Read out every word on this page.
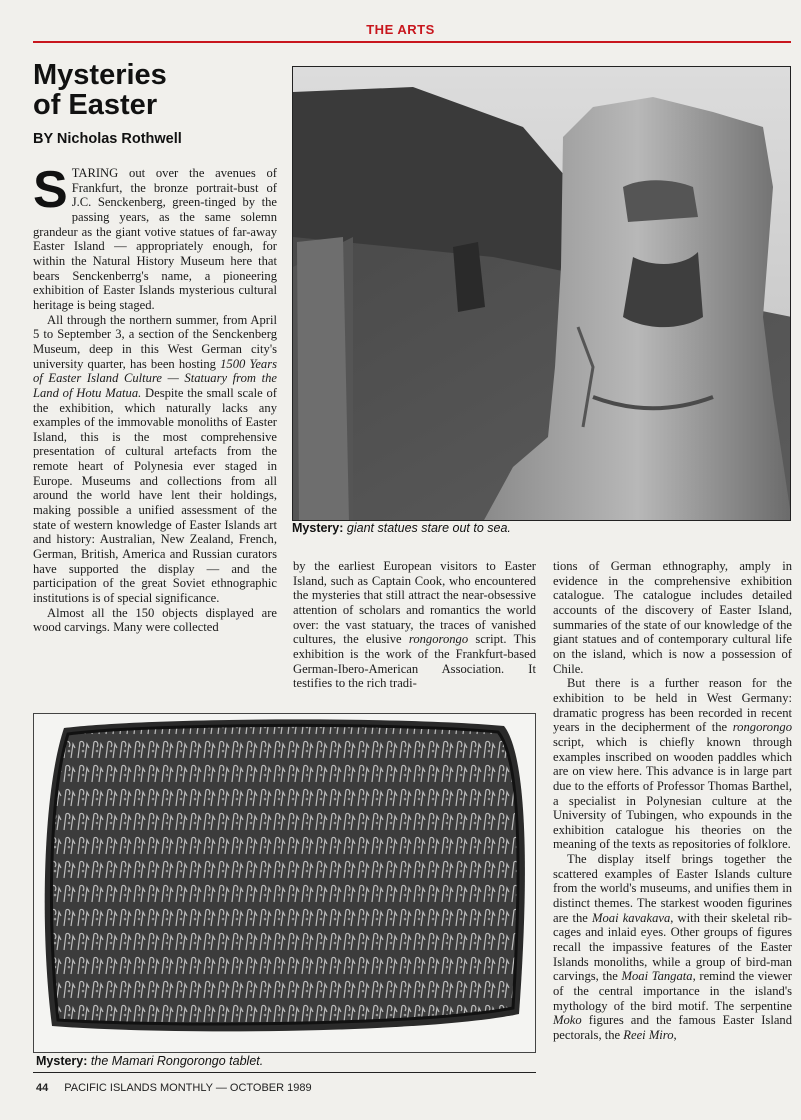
THE ARTS
Mysteries
of Easter
BY Nicholas Rothwell

STARING out over the avenues of Frankfurt, the bronze portrait-bust of J.C. Senckenberg, green-tinged by the passing years, as the same solemn grandeur as the giant votive statues of far-away Easter Island — appropriately enough, for within the Natural History Museum here that bears Senckenberrg's name, a pioneering exhibition of Easter Islands mysterious cultural heritage is being staged.

All through the northern summer, from April 5 to September 3, a section of the Senckenberg Museum, deep in this West German city's university quarter, has been hosting 1500 Years of Easter Island Culture — Statuary from the Land of Hotu Matua. Despite the small scale of the exhibition, which naturally lacks any examples of the immovable monoliths of Easter Island, this is the most comprehensive presentation of cultural artefacts from the remote heart of Polynesia ever staged in Europe. Museums and collections from all around the world have lent their holdings, making possible a unified assessment of the state of western knowledge of Easter Islands art and history: Australian, New Zealand, French, German, British, America and Russian curators have supported the display — and the participation of the great Soviet ethnographic institutions is of special significance.

Almost all the 150 objects displayed are wood carvings. Many were collected

Mystery: giant statues stare out to sea.

by the earliest European visitors to Easter Island, such as Captain Cook, who encountered the mysteries that still attract the near-obsessive attention of scholars and romantics the world over: the vast statuary, the traces of vanished cultures, the elusive rongorongo script. This exhibition is the work of the Frankfurt-based German-Ibero-American Association. It testifies to the rich tradi-

tions of German ethnography, amply in evidence in the comprehensive exhibition catalogue. The catalogue includes detailed accounts of the discovery of Easter Island, summaries of the state of our knowledge of the giant statues and of contemporary cultural life on the island, which is now a possession of Chile.

But there is a further reason for the exhibition to be held in West Germany: dramatic progress has been recorded in recent years in the decipherment of the rongorongo script, which is chiefly known through examples inscribed on wooden paddles which are on view here. This advance is in large part due to the efforts of Professor Thomas Barthel, a specialist in Polynesian culture at the University of Tubingen, who expounds in the exhibition catalogue his theories on the meaning of the texts as repositories of folklore.

The display itself brings together the scattered examples of Easter Islands culture from the world's museums, and unifies them in distinct themes. The starkest wooden figurines are the Moai kavakava, with their skeletal rib-cages and inlaid eyes. Other groups of figures recall the impassive features of the Easter Islands monoliths, while a group of bird-man carvings, the Moai Tangata, remind the viewer of the central importance in the island's mythology of the bird motif. The serpentine Moko figures and the famous Easter Island pectorals, the Reei Miro,

Mystery: the Mamari Rongorongo tablet.
44 PACIFIC ISLANDS MONTHLY — OCTOBER 1989
